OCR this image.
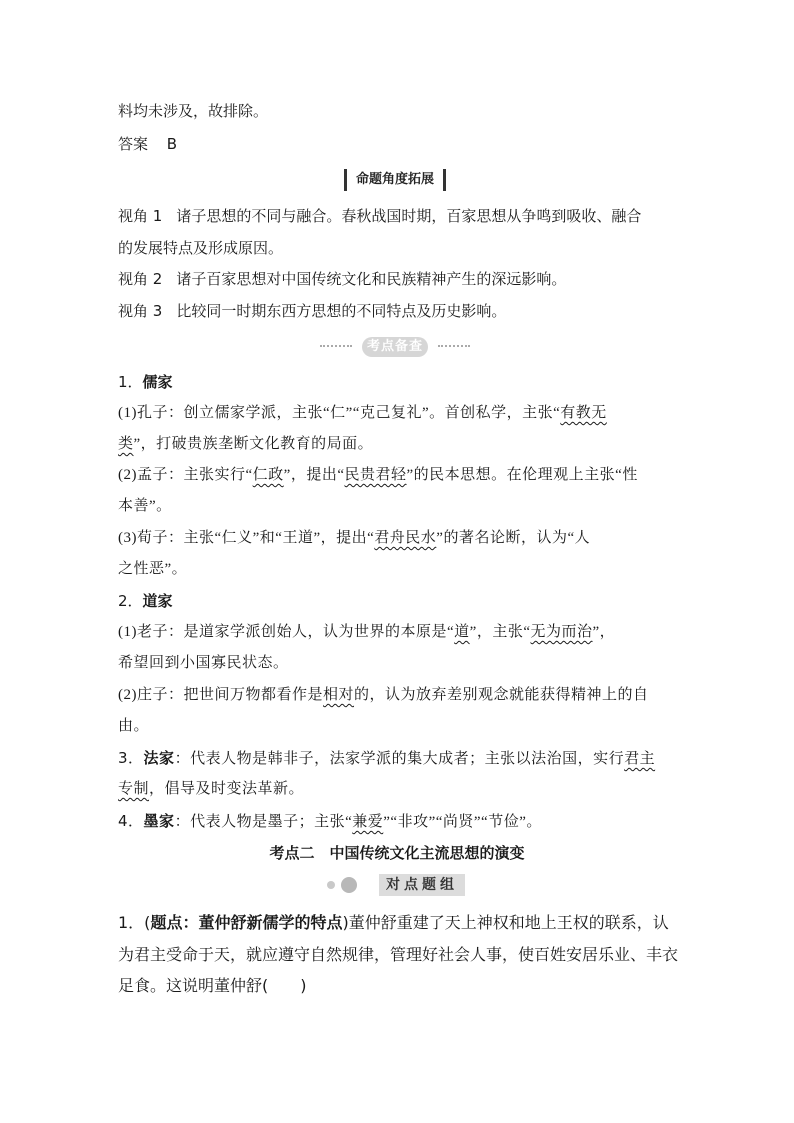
料均未涉及，故排除。
答案 B
命题角度拓展
视角 1 诸子思想的不同与融合。春秋战国时期，百家思想从争鸣到吸收、融合
的发展特点及形成原因。
视角 2 诸子百家思想对中国传统文化和民族精神产生的深远影响。
视角 3 比较同一时期东西方思想的不同特点及历史影响。
考点备查
1．儒家
(1)孔子：创立儒家学派，主张“仁”“克己复礼”。首创私学，主张“有教无
类”，打破贵族垄断文化教育的局面。
(2)孟子：主张实行“仁政”，提出“民贵君轻”的民本思想。在伦理观上主张“性
本善”。
(3)荀子：主张“仁义”和“王道”，提出“君舟民水”的著名论断，认为“人
之性恶”。
2．道家
(1)老子：是道家学派创始人，认为世界的本原是“道”，主张“无为而治”，
希望回到小国寡民状态。
(2)庄子：把世间万物都看作是相对的，认为放弃差别观念就能获得精神上的自
由。
3．法家：代表人物是韩非子，法家学派的集大成者；主张以法治国，实行君主
专制，倡导及时变法革新。
4．墨家：代表人物是墨子；主张“兼爱”“非攻”“尚贤”“节俭”。
考点二　中国传统文化主流思想的演变
对点题组
1．(题点：董仲舒新儒学的特点)董仲舒重建了天上神权和地上王权的联系，认
为君主受命于天，就应遵守自然规律，管理好社会人事，使百姓安居乐业、丰衣
足食。这说明董仲舒(　　)
